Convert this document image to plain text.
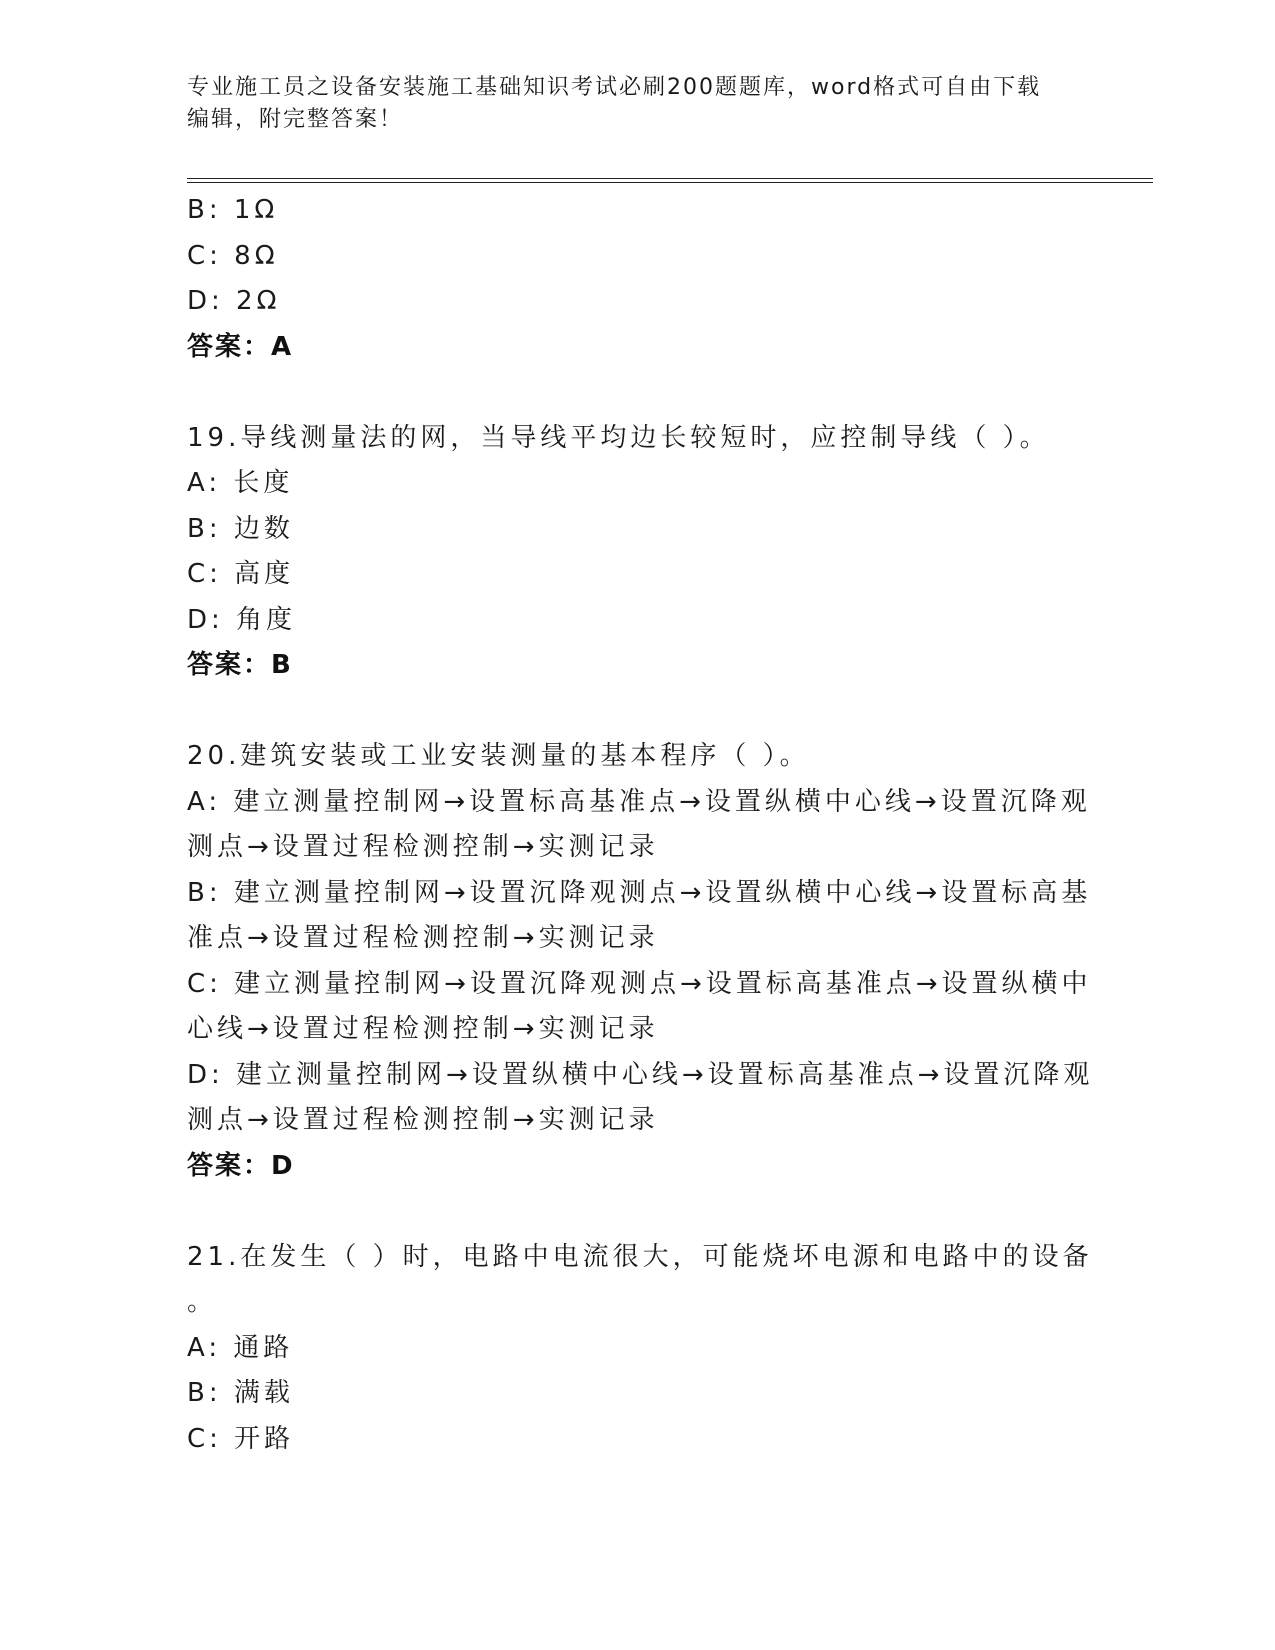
专业施工员之设备安装施工基础知识考试必刷200题题库，word格式可自由下载
编辑，附完整答案！
B: 1Ω
C: 8Ω
D: 2Ω
答案：A
19.导线测量法的网，当导线平均边长较短时，应控制导线（ ）。
A: 长度
B: 边数
C: 高度
D: 角度
答案：B
20.建筑安装或工业安装测量的基本程序（ ）。
A: 建立测量控制网→设置标高基准点→设置纵横中心线→设置沉降观
测点→设置过程检测控制→实测记录
B: 建立测量控制网→设置沉降观测点→设置纵横中心线→设置标高基
准点→设置过程检测控制→实测记录
C: 建立测量控制网→设置沉降观测点→设置标高基准点→设置纵横中
心线→设置过程检测控制→实测记录
D: 建立测量控制网→设置纵横中心线→设置标高基准点→设置沉降观
测点→设置过程检测控制→实测记录
答案：D
21.在发生（ ）时，电路中电流很大，可能烧坏电源和电路中的设备
。
A: 通路
B: 满载
C: 开路
